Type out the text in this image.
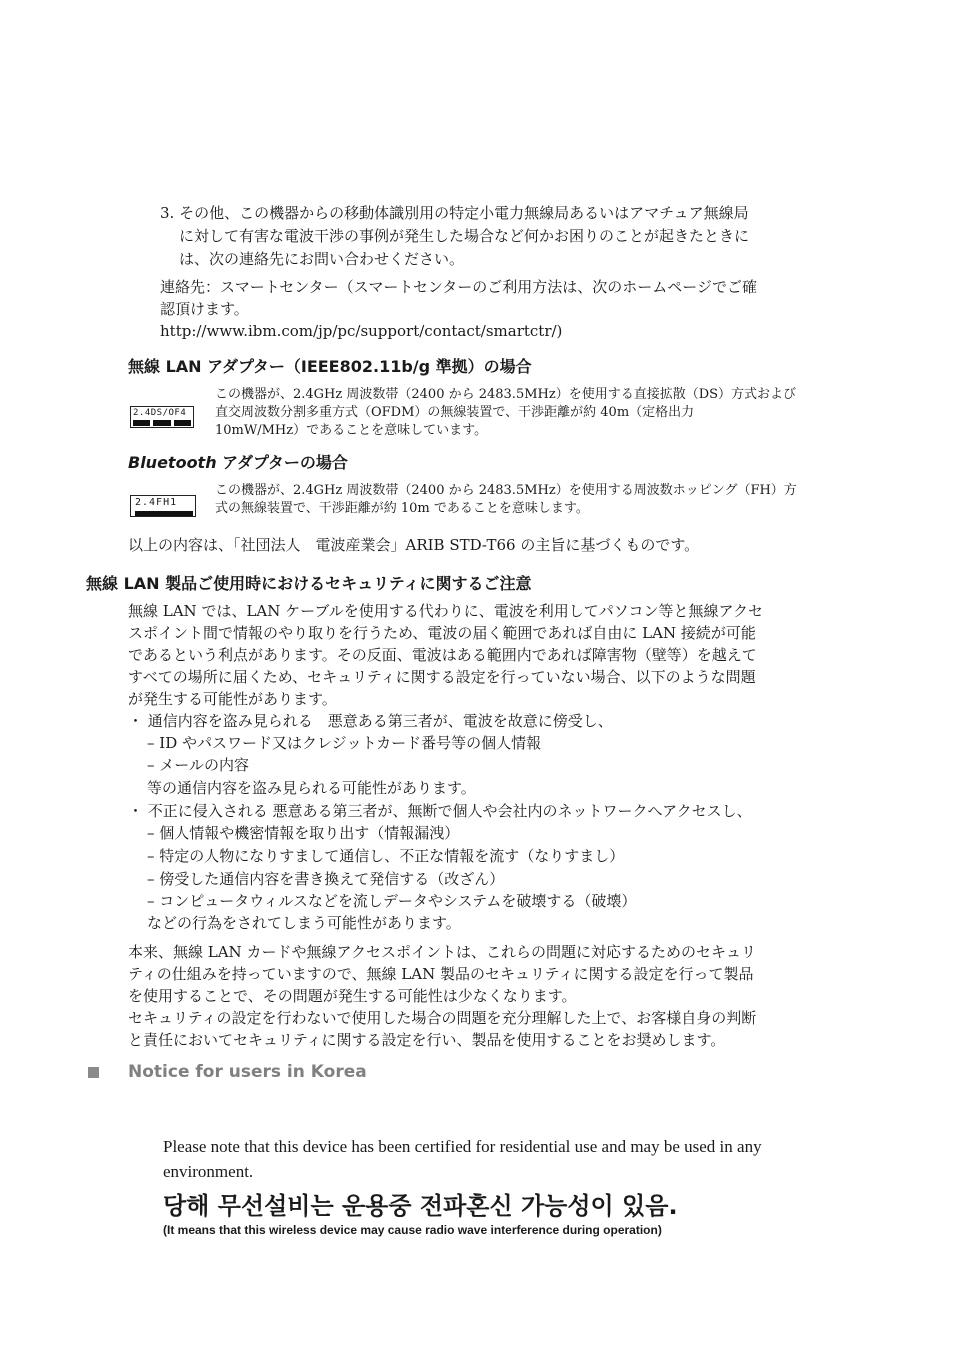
3. その他、この機器からの移動体識別用の特定小電力無線局あるいはアマチュア無線局
に対して有害な電波干渉の事例が発生した場合など何かお困りのことが起きたときに
は、次の連絡先にお問い合わせください。
連絡先：スマートセンター（スマートセンターのご利用方法は、次のホームページでご確
認頂けます。
http://www.ibm.com/jp/pc/support/contact/smartctr/)
無線 LAN アダプター（IEEE802.11b/g 準拠）の場合
2.4DS/OF4
この機器が、2.4GHz 周波数帯（2400 から 2483.5MHz）を使用する直接拡散（DS）方式および
直交周波数分割多重方式（OFDM）の無線装置で、干渉距離が約 40m（定格出力
10mW/MHz）であることを意味しています。
Bluetooth アダプターの場合
2.4FH1
この機器が、2.4GHz 周波数帯（2400 から 2483.5MHz）を使用する周波数ホッピング（FH）方
式の無線装置で、干渉距離が約 10m であることを意味します。
以上の内容は、「社団法人　電波産業会」ARIB STD-T66 の主旨に基づくものです。
無線 LAN 製品ご使用時におけるセキュリティに関するご注意
無線 LAN では、LAN ケーブルを使用する代わりに、電波を利用してパソコン等と無線アクセ
スポイント間で情報のやり取りを行うため、電波の届く範囲であれば自由に LAN 接続が可能
であるという利点があります。その反面、電波はある範囲内であれば障害物（壁等）を越えて
すべての場所に届くため、セキュリティに関する設定を行っていない場合、以下のような問題
が発生する可能性があります。
・ 通信内容を盗み見られる　悪意ある第三者が、電波を故意に傍受し、
– ID やパスワード又はクレジットカード番号等の個人情報
– メールの内容
等の通信内容を盗み見られる可能性があります。
・ 不正に侵入される 悪意ある第三者が、無断で個人や会社内のネットワークへアクセスし、
– 個人情報や機密情報を取り出す（情報漏洩）
– 特定の人物になりすまして通信し、不正な情報を流す（なりすまし）
– 傍受した通信内容を書き換えて発信する（改ざん）
– コンピュータウィルスなどを流しデータやシステムを破壊する（破壊）
などの行為をされてしまう可能性があります。
本来、無線 LAN カードや無線アクセスポイントは、これらの問題に対応するためのセキュリ
ティの仕組みを持っていますので、無線 LAN 製品のセキュリティに関する設定を行って製品
を使用することで、その問題が発生する可能性は少なくなります。
セキュリティの設定を行わないで使用した場合の問題を充分理解した上で、お客様自身の判断
と責任においてセキュリティに関する設定を行い、製品を使用することをお奨めします。
Notice for users in Korea
Please note that this device has been certified for residential use and may be used in any
environment.
당해 무선설비는 운용중 전파혼신 가능성이 있음.
(It means that this wireless device may cause radio wave interference during operation)
